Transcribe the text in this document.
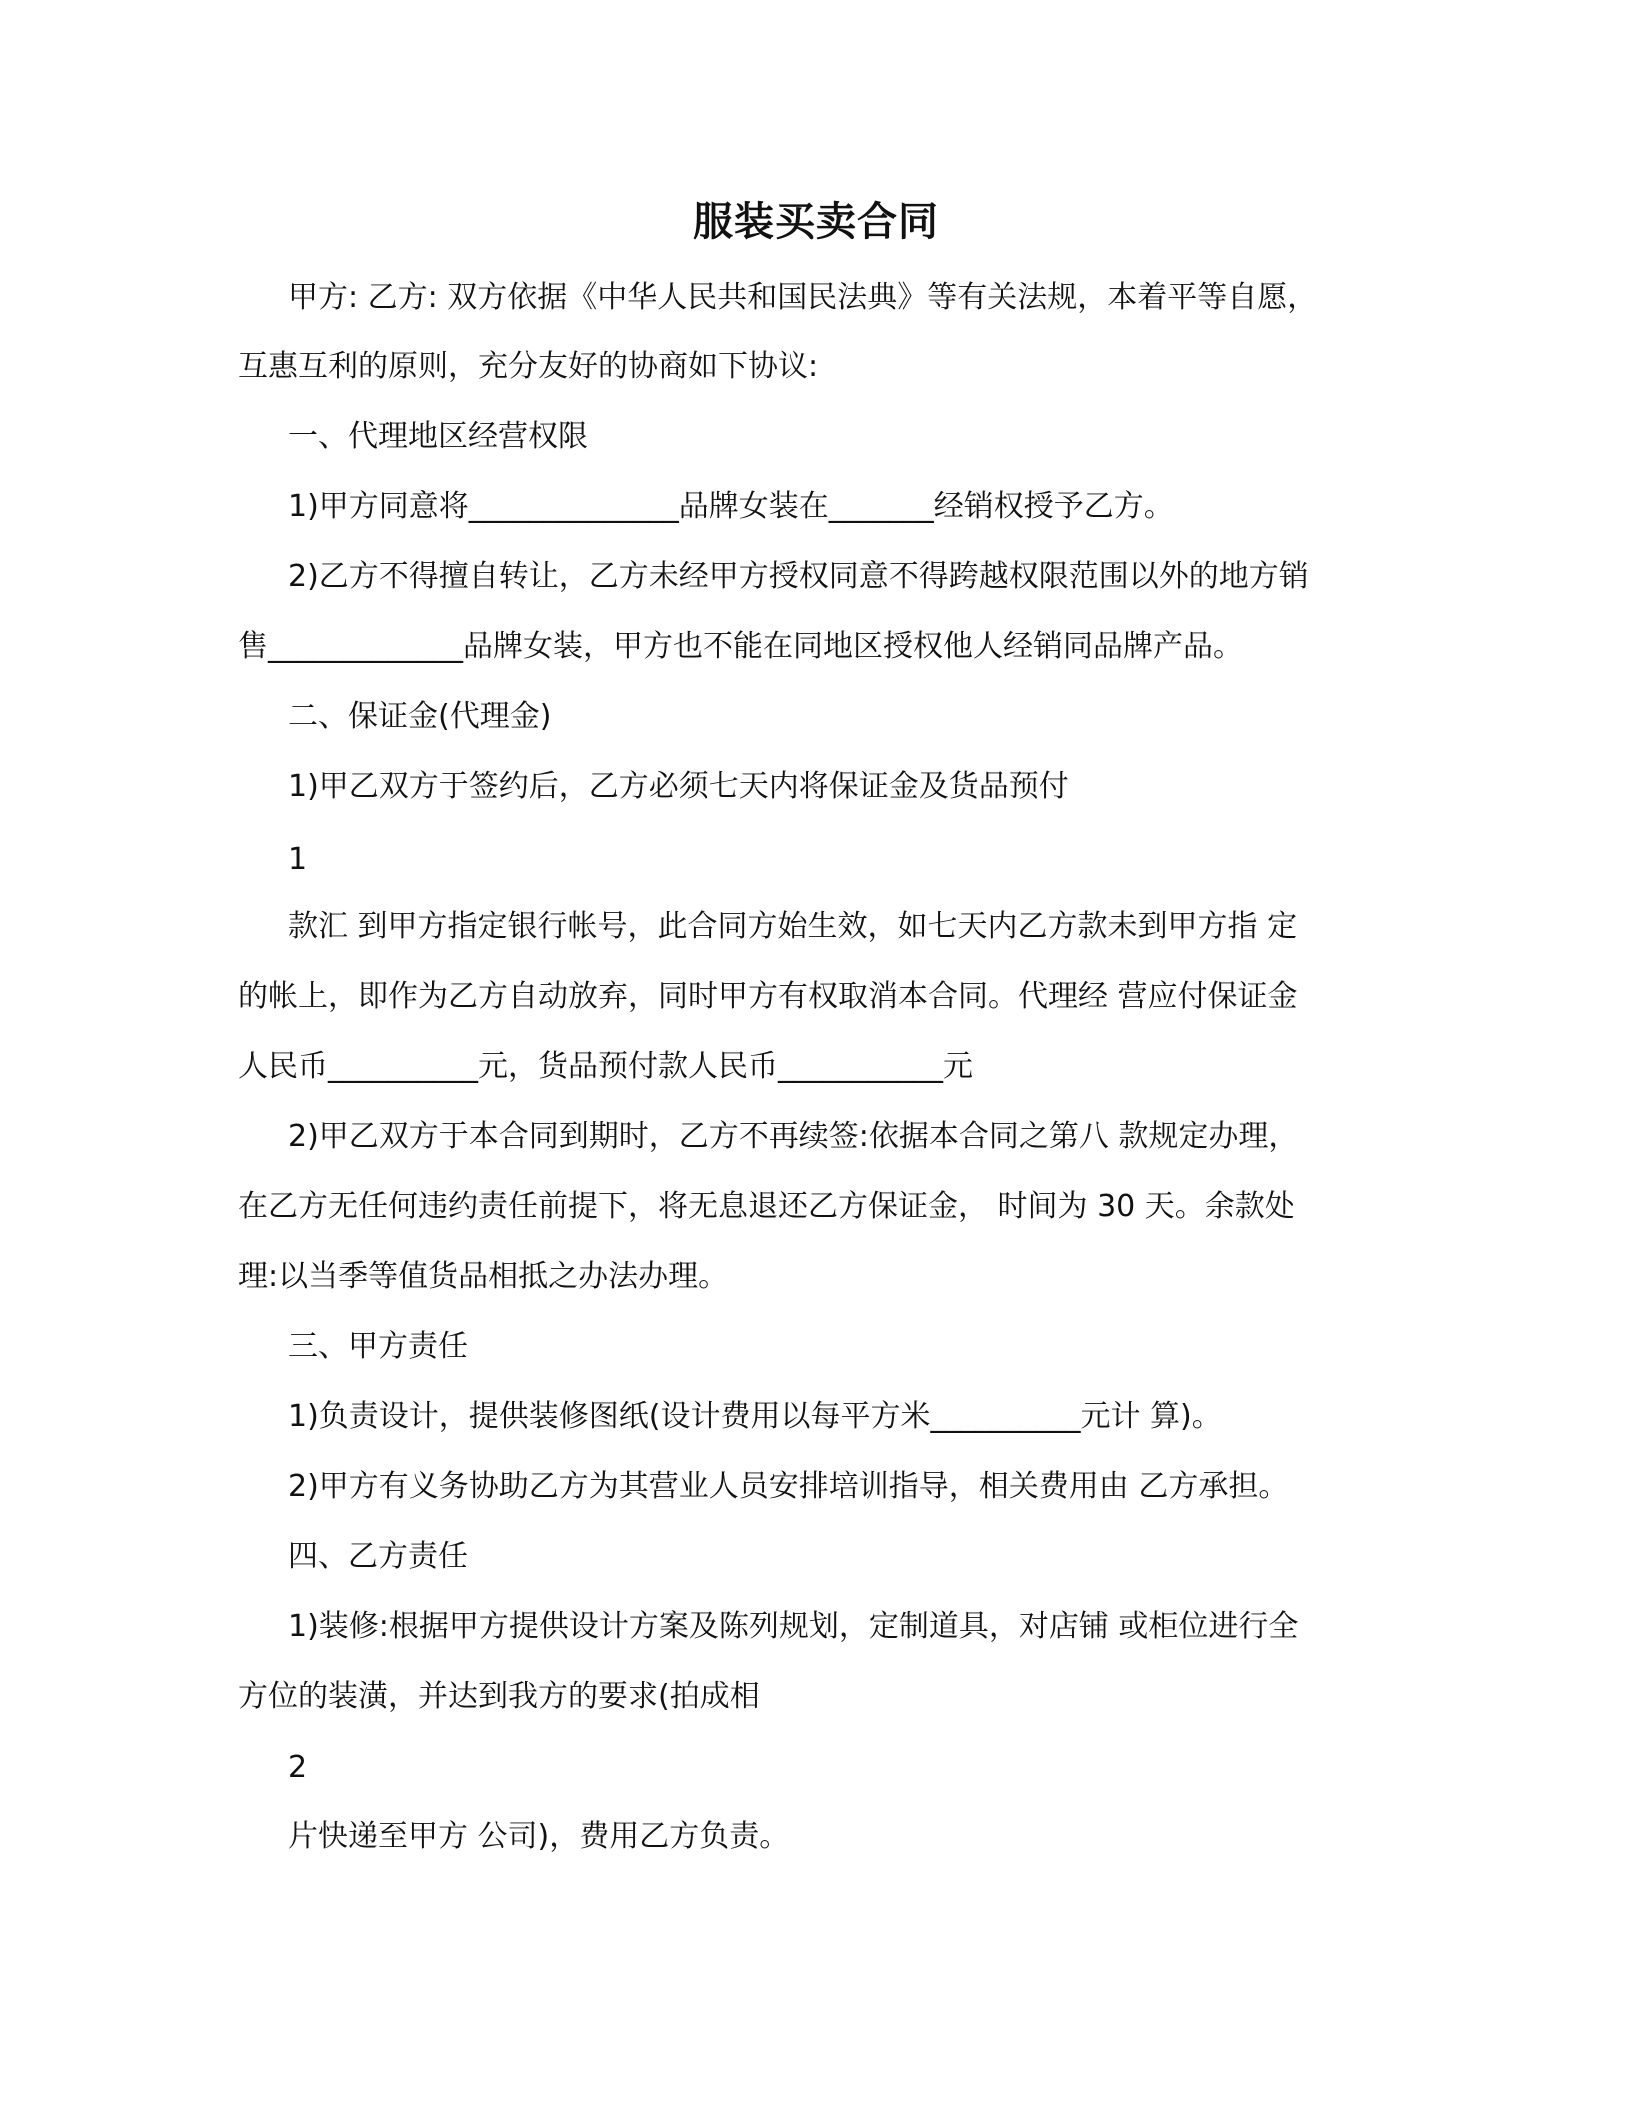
服装买卖合同
甲方: 乙方: 双方依据《中华人民共和国民法典》等有关法规，本着平等自愿，
互惠互利的原则，充分友好的协商如下协议:
一、代理地区经营权限
1)甲方同意将______________品牌女装在_______经销权授予乙方。
2)乙方不得擅自转让，乙方未经甲方授权同意不得跨越权限范围以外的地方销
售_____________品牌女装，甲方也不能在同地区授权他人经销同品牌产品。
二、保证金(代理金)
1)甲乙双方于签约后，乙方必须七天内将保证金及货品预付
1
款汇 到甲方指定银行帐号，此合同方始生效，如七天内乙方款未到甲方指 定
的帐上，即作为乙方自动放弃，同时甲方有权取消本合同。代理经 营应付保证金
人民币__________元，货品预付款人民币___________元
2)甲乙双方于本合同到期时，乙方不再续签:依据本合同之第八 款规定办理，
在乙方无任何违约责任前提下，将无息退还乙方保证金， 时间为 30 天。余款处
理:以当季等值货品相抵之办法办理。
三、甲方责任
1)负责设计，提供装修图纸(设计费用以每平方米__________元计 算)。
2)甲方有义务协助乙方为其营业人员安排培训指导，相关费用由 乙方承担。
四、乙方责任
1)装修:根据甲方提供设计方案及陈列规划，定制道具，对店铺 或柜位进行全
方位的装潢，并达到我方的要求(拍成相
2
片快递至甲方 公司)，费用乙方负责。
